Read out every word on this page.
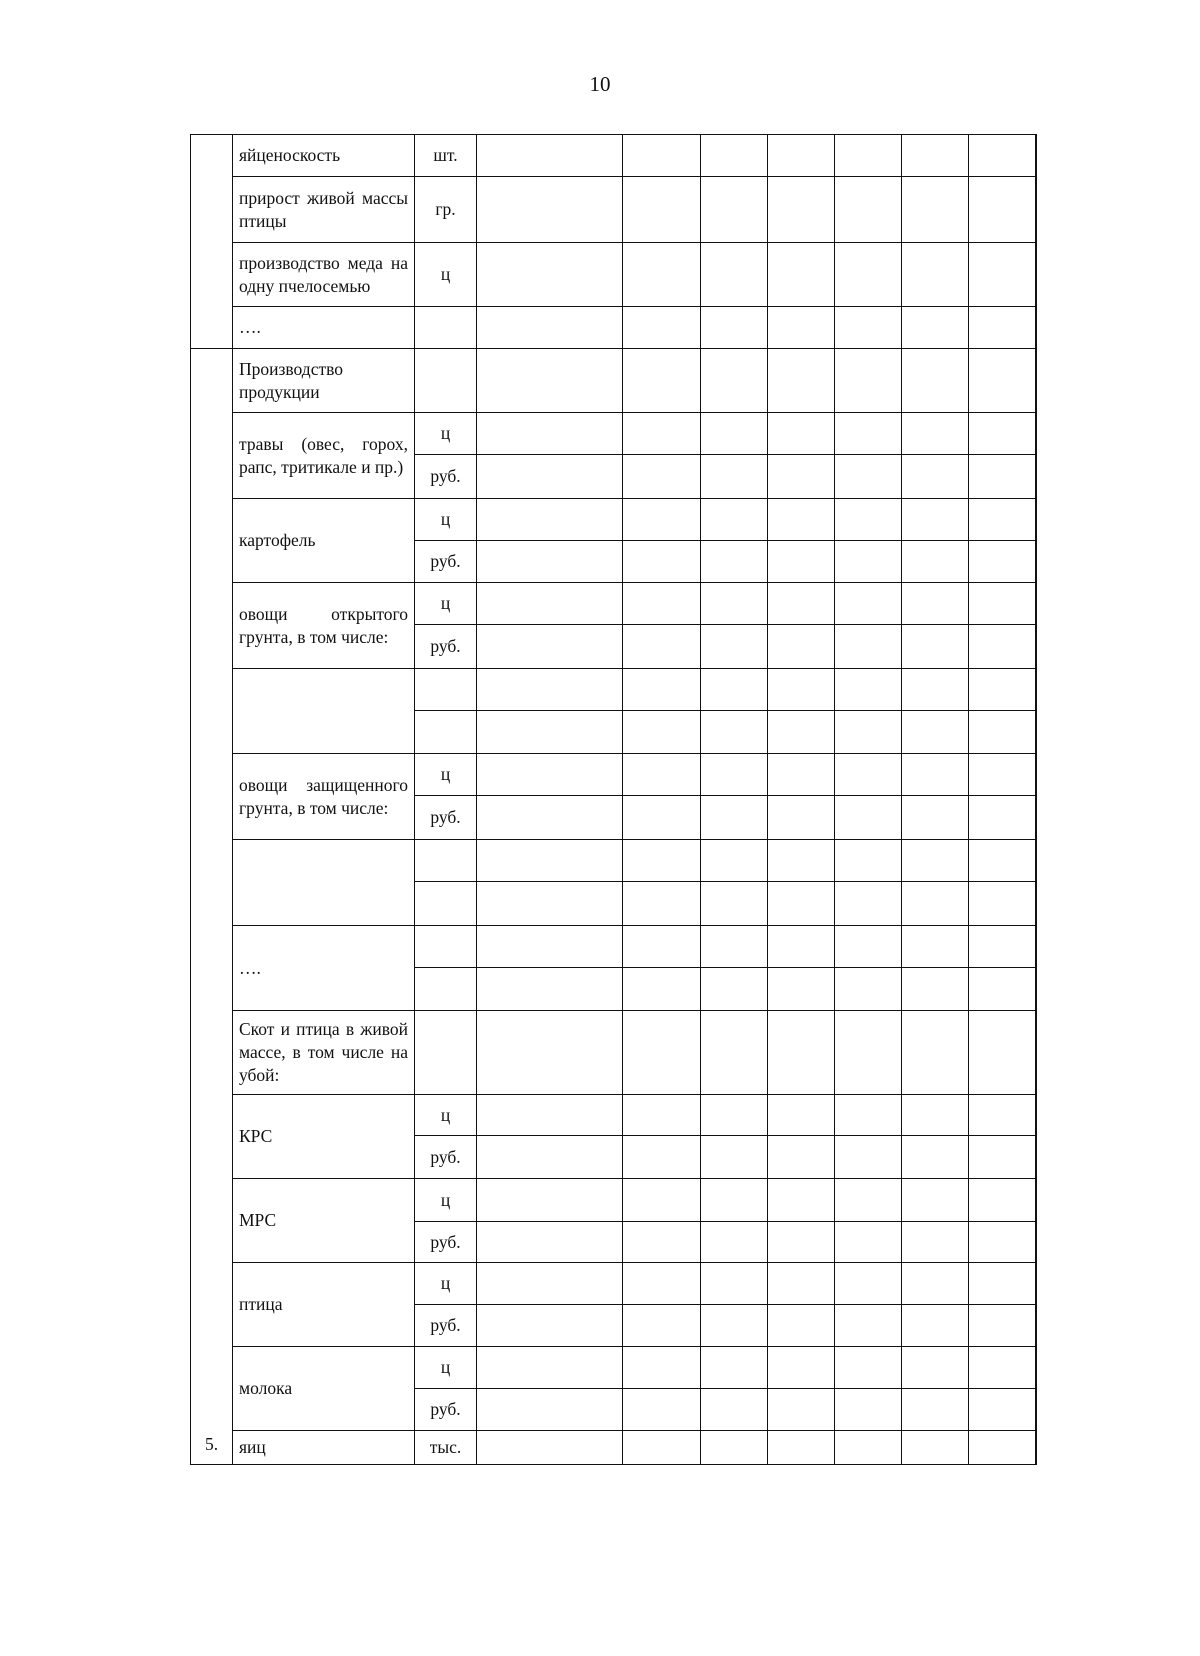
10
	яйценоскость	шт.								
	прирост живой массы птицы	гр.								
	производство меда на одну пчелосемью	ц								
	….									
5.	Производство продукции									
	травы (овес, горох, рапс, тритикале и пр.)	ц								
		руб.								
	картофель	ц								
		руб.								
	овощи открытого грунта, в том числе:	ц								
		руб.								

	овощи защищенного грунта, в том числе:	ц								
		руб.								

	….									

	Скот и птица в живой массе, в том числе на убой:									
	КРС	ц								
		руб.								
	МРС	ц								
		руб.								
	птица	ц								
		руб.								
	молока	ц								
		руб.								
	яиц	тыс.								
